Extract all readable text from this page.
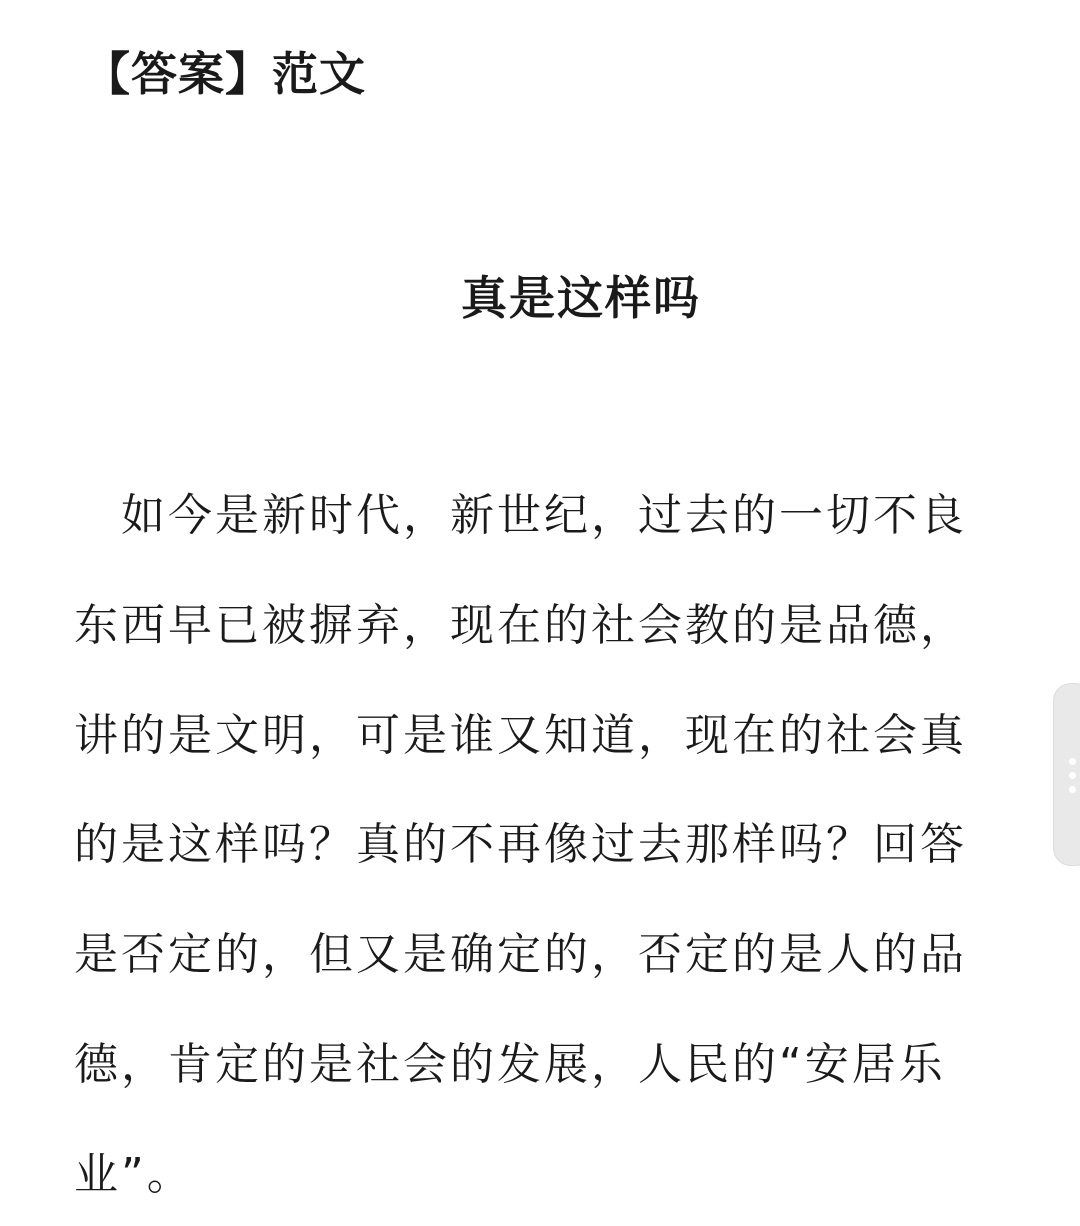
【答案】范文
真是这样吗
　如今是新时代，新世纪，过去的一切不良
东西早已被摒弃，现在的社会教的是品德，
讲的是文明，可是谁又知道，现在的社会真
的是这样吗？真的不再像过去那样吗？回答
是否定的，但又是确定的，否定的是人的品
德，肯定的是社会的发展，人民的“安居乐
业”。
